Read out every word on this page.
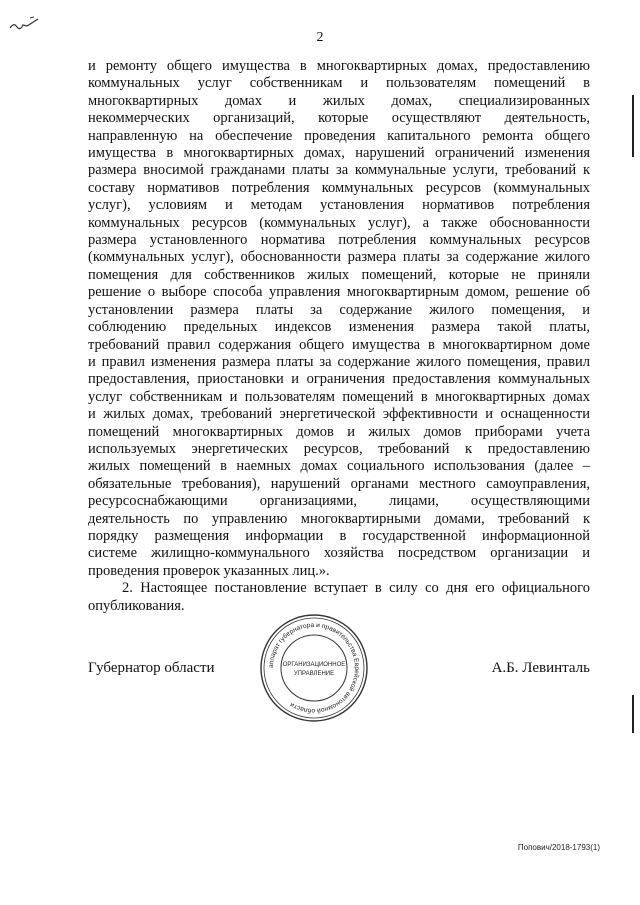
2
и ремонту общего имущества в многоквартирных домах, предоставлению
коммунальных услуг собственникам и пользователям помещений в
многоквартирных домах и жилых домах, специализированных
некоммерческих организаций, которые осуществляют деятельность,
направленную на обеспечение проведения капитального ремонта общего
имущества в многоквартирных домах, нарушений ограничений изменения
размера вносимой гражданами платы за коммунальные услуги, требований к
составу нормативов потребления коммунальных ресурсов (коммунальных
услуг), условиям и методам установления нормативов потребления
коммунальных ресурсов (коммунальных услуг), а также обоснованности
размера установленного норматива потребления коммунальных ресурсов
(коммунальных услуг), обоснованности размера платы за содержание жилого
помещения для собственников жилых помещений, которые не приняли
решение о выборе способа управления многоквартирным домом, решение об
установлении размера платы за содержание жилого помещения, и
соблюдению предельных индексов изменения размера такой платы,
требований правил содержания общего имущества в многоквартирном доме
и правил изменения размера платы за содержание жилого помещения, правил
предоставления, приостановки и ограничения предоставления коммунальных
услуг собственникам и пользователям помещений в многоквартирных домах
и жилых домах, требований энергетической эффективности и оснащенности
помещений многоквартирных домов и жилых домов приборами учета
используемых энергетических ресурсов, требований к предоставлению
жилых помещений в наемных домах социального использования (далее –
обязательные требования), нарушений органами местного самоуправления,
ресурсоснабжающими организациями, лицами, осуществляющими
деятельность по управлению многоквартирными домами, требований к
порядку размещения информации в государственной информационной
системе жилищно-коммунального хозяйства посредством организации и
проведения проверок указанных лиц.».
2. Настоящее постановление вступает в силу со дня его официального
опубликования.
аппарат губернатора и правительства Еврейской автономной области
ОРГАНИЗАЦИОННОЕ
УПРАВЛЕНИЕ
Губернатор области	А.Б. Левинталь
Попович/2018-1793(1)
